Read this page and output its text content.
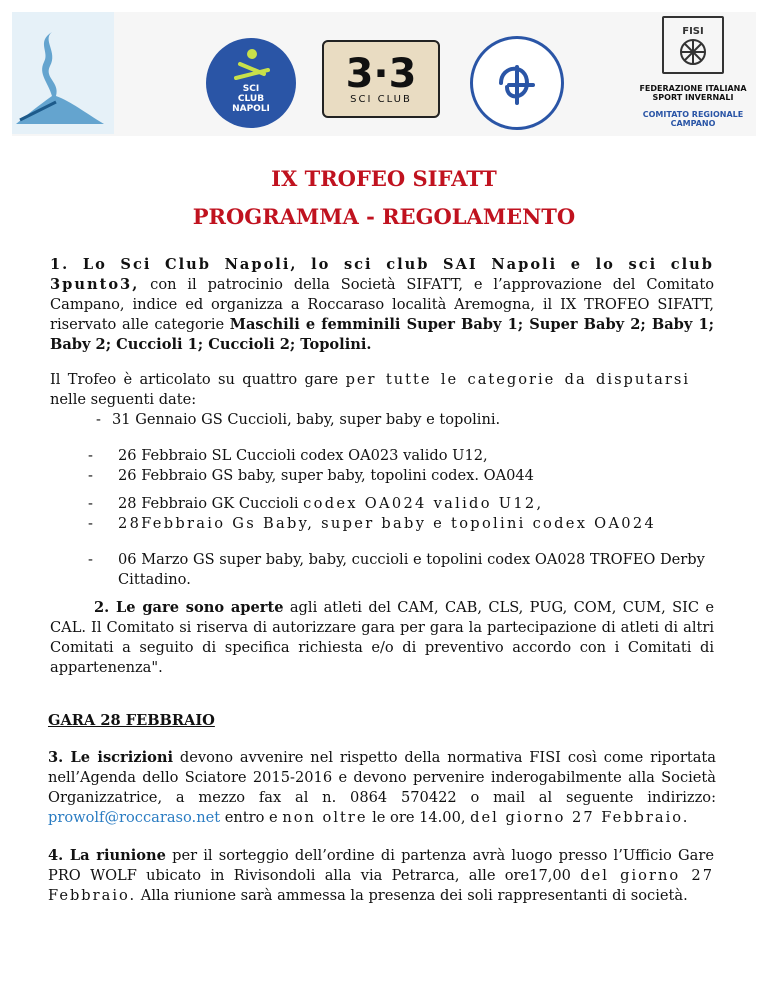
SCI
CLUB
NAPOLI
3·3
SCI CLUB
FISI
FEDERAZIONE ITALIANA
SPORT INVERNALI
COMITATO REGIONALE CAMPANO
IX TROFEO SIFATT
PROGRAMMA - REGOLAMENTO
1. Lo Sci Club Napoli, lo sci club SAI Napoli e lo sci club 3punto3, con il patrocinio della Società SIFATT, e l’approvazione del Comitato Campano, indice ed organizza a Roccaraso località Aremogna, il IX TROFEO SIFATT, riservato alle categorie Maschili e femminili Super Baby 1; Super Baby 2; Baby 1; Baby 2; Cuccioli 1; Cuccioli 2; Topolini.
Il Trofeo è articolato su quattro gare per tutte le categorie da disputarsi nelle seguenti date:
- 31 Gennaio GS Cuccioli, baby, super baby e topolini.
-	26 Febbraio SL Cuccioli codex OA023 valido U12,
-	26 Febbraio GS baby, super baby, topolini codex. OA044
-	28 Febbraio GK Cuccioli codex OA024 valido U12,
-	28Febbraio Gs Baby, super baby e topolini codex OA024
-	06 Marzo GS super baby, baby, cuccioli e topolini codex OA028 TROFEO Derby Cittadino.
2. Le gare sono aperte agli atleti del CAM, CAB, CLS, PUG, COM, CUM, SIC e CAL. Il Comitato si riserva di autorizzare gara per gara la partecipazione di atleti di altri Comitati a seguito di specifica richiesta e/o di preventivo accordo con i Comitati di appartenenza".
GARA 28 FEBBRAIO
3. Le iscrizioni devono avvenire nel rispetto della normativa FISI così come riportata nell’Agenda dello Sciatore 2015-2016 e devono pervenire inderogabilmente alla Società Organizzatrice, a mezzo fax al n. 0864 570422 o mail al seguente indirizzo: prowolf@roccaraso.net entro e non oltre le ore 14.00, del giorno 27 Febbraio.
4. La riunione per il sorteggio dell’ordine di partenza avrà luogo presso l’Ufficio Gare PRO WOLF ubicato in Rivisondoli alla via Petrarca, alle ore17,00 del giorno 27 Febbraio. Alla riunione sarà ammessa la presenza dei soli rappresentanti di società.
